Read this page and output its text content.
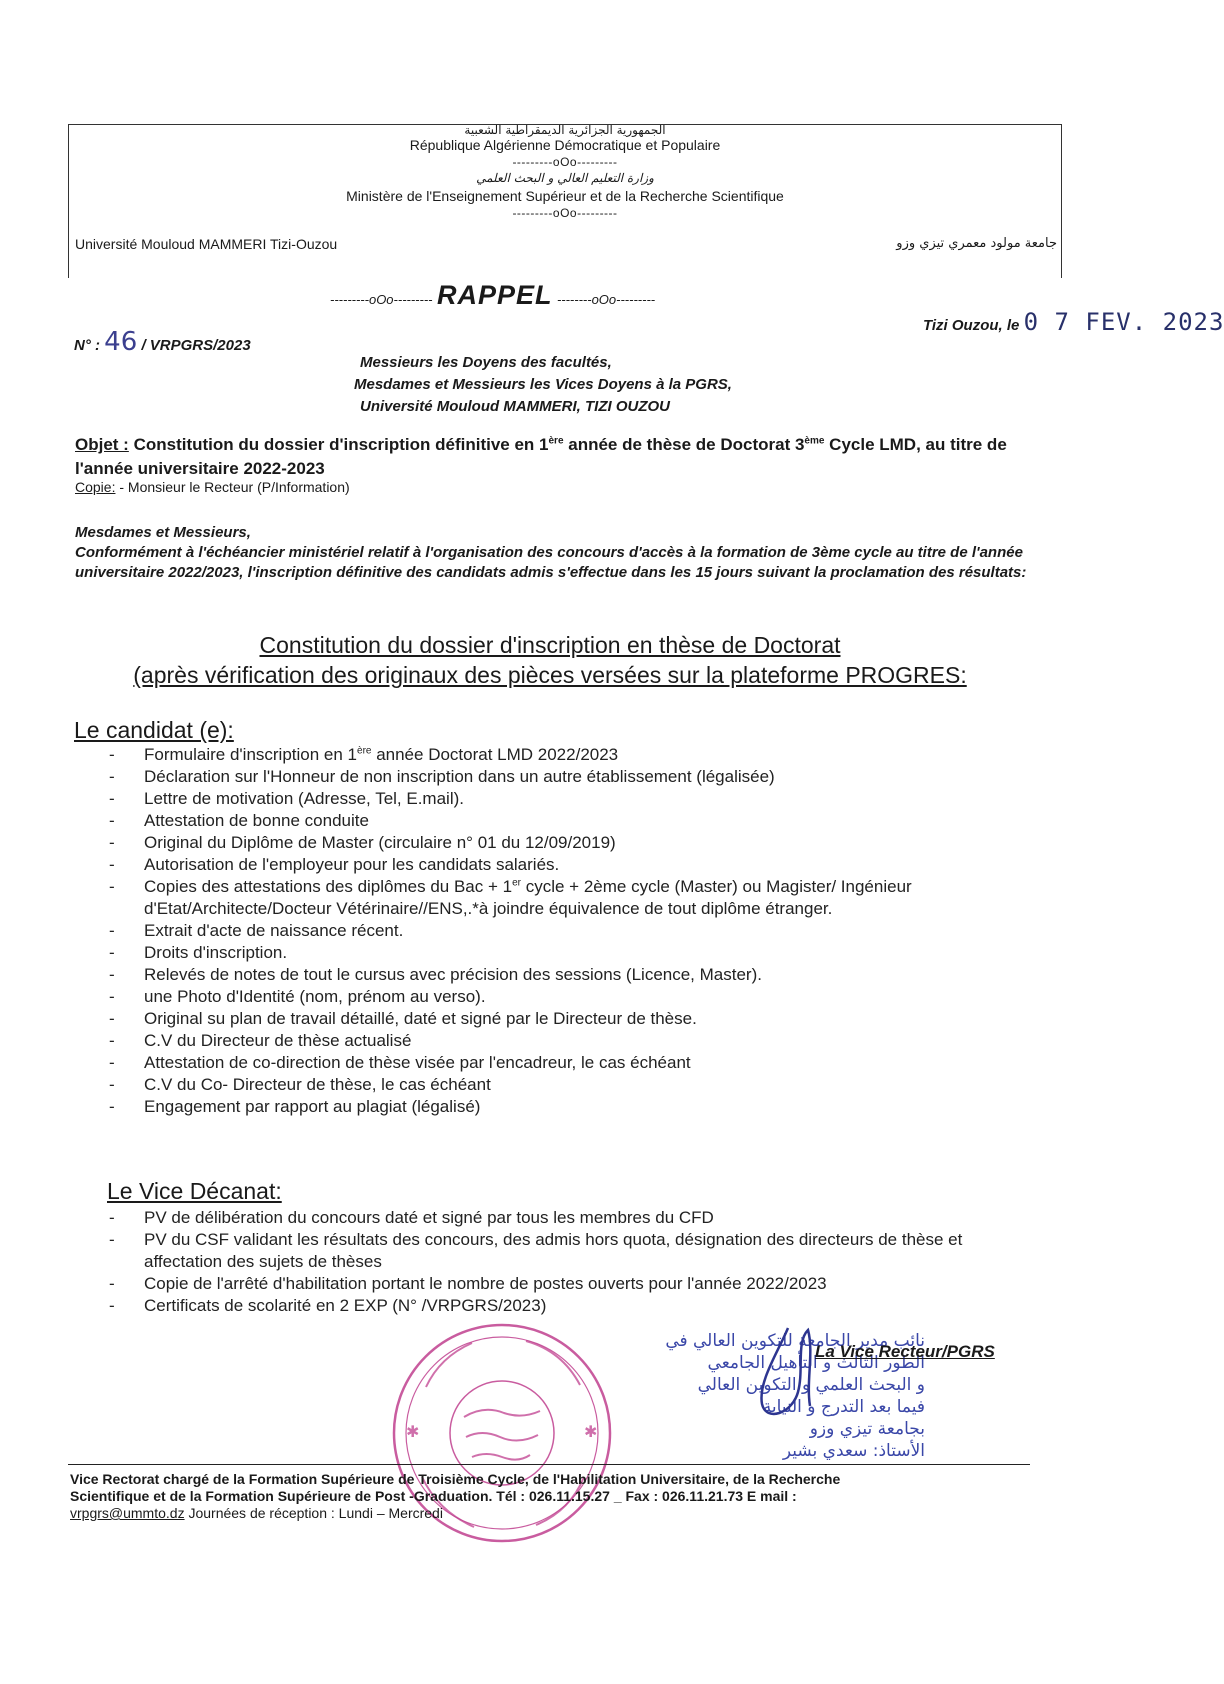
الجمهورية الجزائرية الديمقراطية الشعبية
République Algérienne Démocratique et Populaire
---------oOo---------
وزارة التعليم العالي و البحث العلمي
Ministère de l'Enseignement Supérieur et de la Recherche Scientifique
---------oOo---------
Université Mouloud MAMMERI Tizi-Ouzou	جامعة مولود معمري تيزي وزو
---------oOo--------- RAPPEL --------oOo---------
N° : 46 / VRPGRS/2023
Tizi Ouzou, le 0 7 FEV. 2023
Messieurs les Doyens des facultés,
Mesdames et Messieurs les Vices Doyens à la PGRS,
Université Mouloud MAMMERI, TIZI OUZOU
Objet : Constitution du dossier d'inscription définitive en 1ère année de thèse de Doctorat 3ème Cycle LMD, au titre de l'année universitaire 2022-2023
Copie: - Monsieur le Recteur (P/Information)
Mesdames et Messieurs,
Conformément à l'échéancier ministériel relatif à l'organisation des concours d'accès à la formation de 3ème cycle au titre de l'année universitaire 2022/2023, l'inscription définitive des candidats admis s'effectue dans les 15 jours suivant la proclamation des résultats:
Constitution du dossier d'inscription en thèse de Doctorat
(après vérification des originaux des pièces versées sur la plateforme PROGRES:
Le candidat (e):
- Formulaire d'inscription en 1ère année Doctorat LMD 2022/2023
- Déclaration sur l'Honneur de non inscription dans un autre établissement (légalisée)
- Lettre de motivation (Adresse, Tel, E.mail).
- Attestation de bonne conduite
- Original du Diplôme de Master (circulaire n° 01 du 12/09/2019)
- Autorisation de l'employeur pour les candidats salariés.
- Copies des attestations des diplômes du Bac + 1er cycle + 2ème cycle (Master) ou Magister/ Ingénieur d'Etat/Architecte/Docteur Vétérinaire//ENS,.*à joindre équivalence de tout diplôme étranger.
- Extrait d'acte de naissance récent.
- Droits d'inscription.
- Relevés de notes de tout le cursus avec précision des sessions (Licence, Master).
- une Photo d'Identité (nom, prénom au verso).
- Original su plan de travail détaillé, daté et signé par le Directeur de thèse.
- C.V du Directeur de thèse actualisé
- Attestation de co-direction de thèse visée par l'encadreur, le cas échéant
- C.V du Co- Directeur de thèse, le cas échéant
- Engagement par rapport au plagiat (légalisé)
Le Vice Décanat:
- PV de délibération du concours daté et signé par tous les membres du CFD
- PV du CSF validant les résultats des concours, des admis hors quota, désignation des directeurs de thèse et affectation des sujets de thèses
- Copie de l'arrêté d'habilitation portant le nombre de postes ouverts pour l'année 2022/2023
- Certificats de scolarité en 2 EXP (N° /VRPGRS/2023)
✱	✱
نائب مدير الجامعة للتكوين العالي في
الطور الثالث و التأهيل الجامعي
و البحث العلمي و التكوين العالي
فيما بعد التدرج و النيابة
بجامعة تيزي وزو
الأستاذ: سعدي بشير
La Vice Recteur/PGRS
Vice Rectorat chargé de la Formation Supérieure de Troisième Cycle, de l'Habilitation Universitaire, de la Recherche
Scientifique et de la Formation Supérieure de Post -Graduation. Tél : 026.11.15.27 _ Fax : 026.11.21.73 E mail :
vrpgrs@ummto.dz Journées de réception : Lundi – Mercredi
